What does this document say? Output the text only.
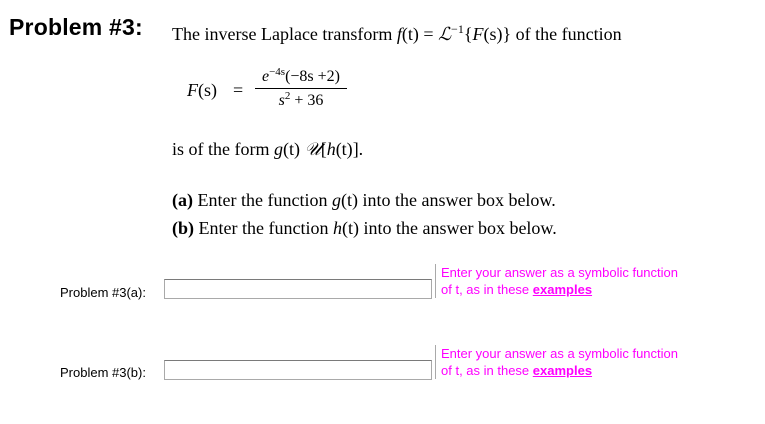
Problem #3: The inverse Laplace transform f(t) = ℒ$^{-1}${F(s)} of the function
F(s) =
$e^{-4s}(-8s +2)$
$s^2 + 36$
is of the form g(t) 𝒰[h(t)].
(a) Enter the function g(t) into the answer box below.
(b) Enter the function h(t) into the answer box below.
Problem #3(a):
Enter your answer as a symbolic function of t, as in these examples
Problem #3(b):
Enter your answer as a symbolic function of t, as in these examples
